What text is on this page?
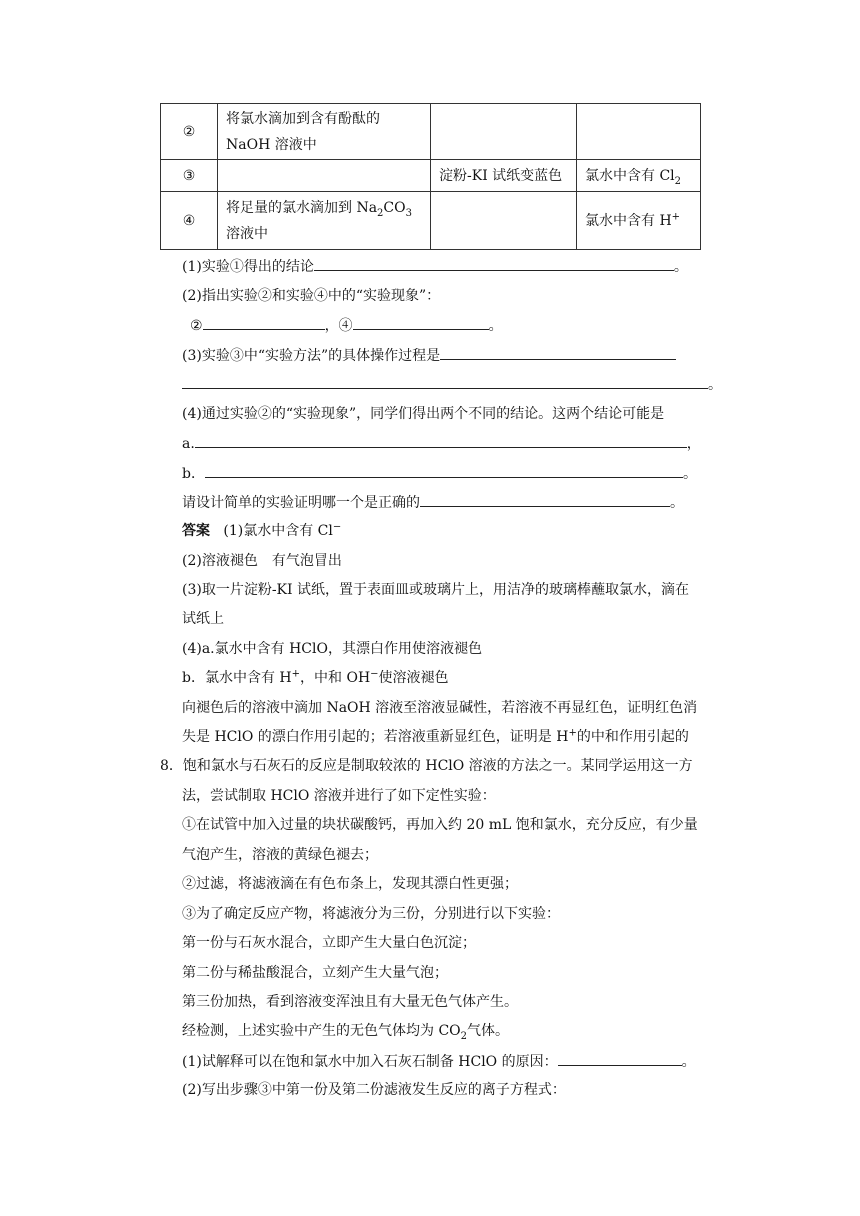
②	将氯水滴加到含有酚酞的
NaOH 溶液中		
③		淀粉-KI 试纸变蓝色	氯水中含有 $Cl_2$
④	将足量的氯水滴加到 $Na_2CO_3$
溶液中		氯水中含有 H+
(1)实验①得出的结论	。
(2)指出实验②和实验④中的“实验现象”：
②	，④	。
(3)实验③中“实验方法”的具体操作过程是
。
(4)通过实验②的“实验现象”，同学们得出两个不同的结论。这两个结论可能是
a.	，
b．	。
请设计简单的实验证明哪一个是正确的	。
答案 (1)氯水中含有 Cl−
(2)溶液褪色　有气泡冒出
(3)取一片淀粉-KI 试纸，置于表面皿或玻璃片上，用洁净的玻璃棒蘸取氯水，滴在
试纸上
(4)a.氯水中含有 HClO，其漂白作用使溶液褪色
b．氯水中含有 H+，中和 OH−使溶液褪色
向褪色后的溶液中滴加 NaOH 溶液至溶液显碱性，若溶液不再显红色，证明红色消
失是 HClO 的漂白作用引起的；若溶液重新显红色，证明是 H+的中和作用引起的
8．饱和氯水与石灰石的反应是制取较浓的 HClO 溶液的方法之一。某同学运用这一方
法，尝试制取 HClO 溶液并进行了如下定性实验：
①在试管中加入过量的块状碳酸钙，再加入约 20 mL 饱和氯水，充分反应，有少量
气泡产生，溶液的黄绿色褪去；
②过滤，将滤液滴在有色布条上，发现其漂白性更强；
③为了确定反应产物，将滤液分为三份，分别进行以下实验：
第一份与石灰水混合，立即产生大量白色沉淀；
第二份与稀盐酸混合，立刻产生大量气泡；
第三份加热，看到溶液变浑浊且有大量无色气体产生。
经检测，上述实验中产生的无色气体均为 $CO_2$气体。
(1)试解释可以在饱和氯水中加入石灰石制备 HClO 的原因：	。
(2)写出步骤③中第一份及第二份滤液发生反应的离子方程式：
